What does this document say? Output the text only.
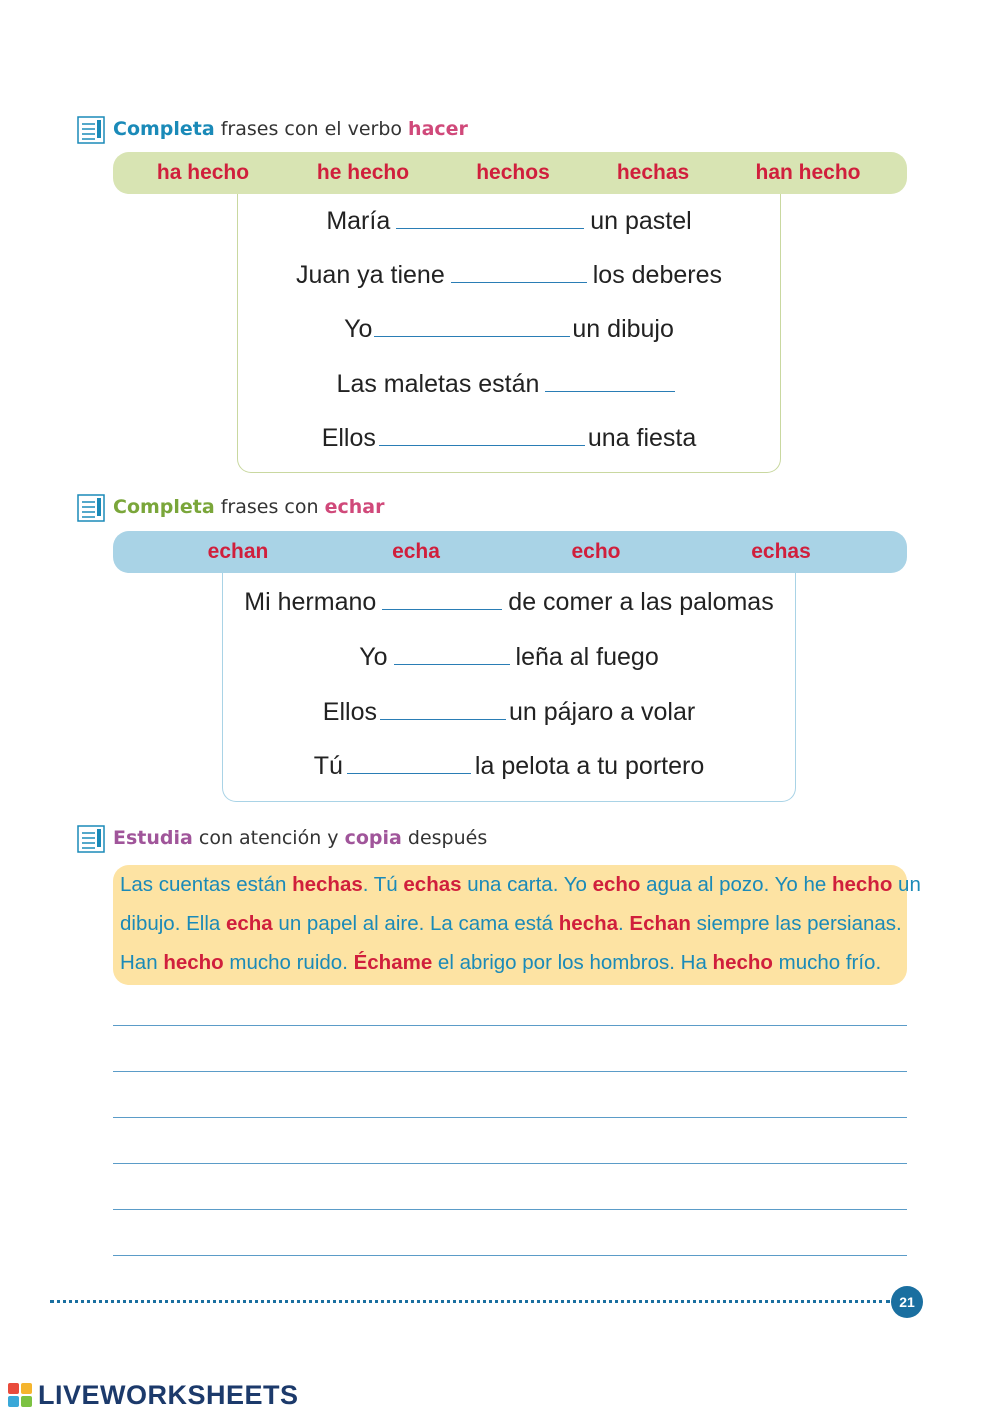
Completa frases con el verbo hacer
ha hecho	he hecho	hechos	hechas	han hecho
María	un pastel
Juan ya tiene	los deberes
Yo	un dibujo
Las maletas están
Ellos	una fiesta
Completa frases con echar
echan	echa	echo	echas
Mi hermano	de comer a las palomas
Yo	leña al fuego
Ellos	un pájaro a volar
Tú	la pelota a tu portero
Estudia con atención y copia después
Las cuentas están hechas. Tú echas una carta. Yo echo agua al pozo. Yo he hecho un
dibujo. Ella echa un papel al aire. La cama está hecha. Echan siempre las persianas.
Han hecho mucho ruido. Échame el abrigo por los hombros. Ha hecho mucho frío.
21
LIVEWORKSHEETS
